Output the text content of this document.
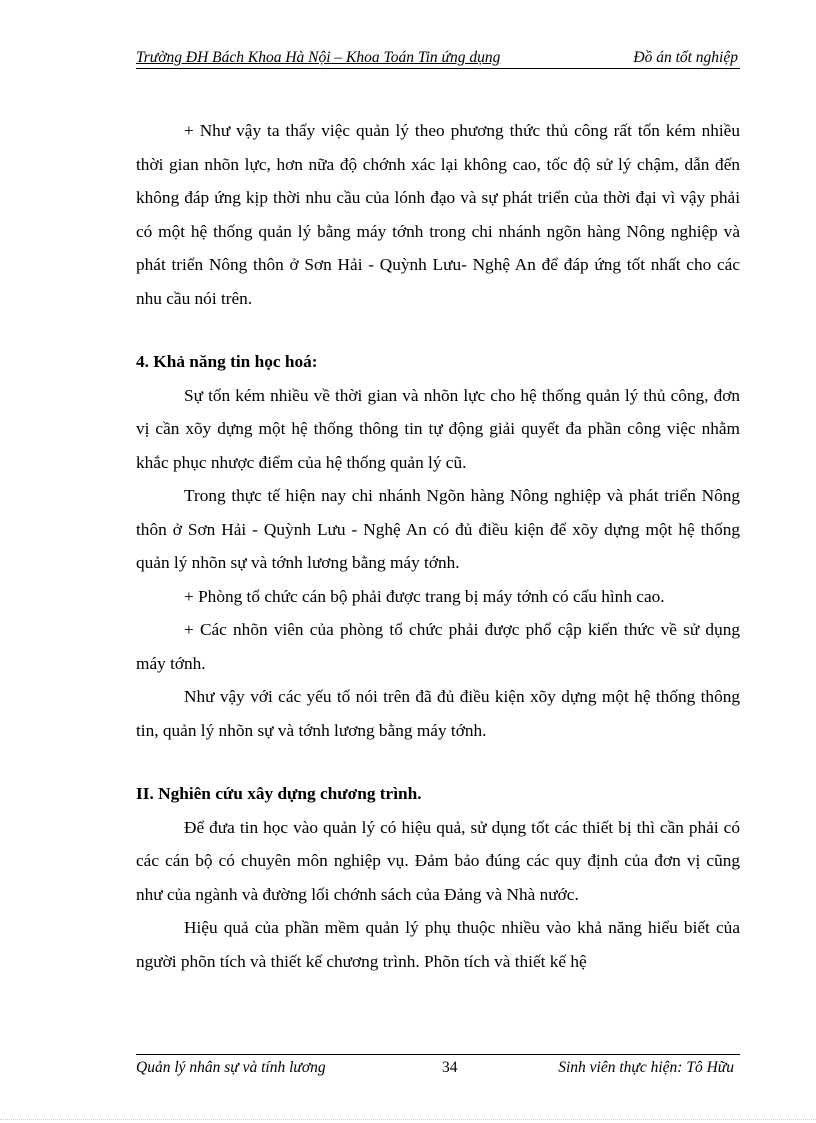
Trường ĐH Bách Khoa Hà Nội – Khoa Toán Tin ứng dụng	Đồ án tốt nghiệp

+ Như vậy ta thấy việc quản lý theo phương thức thủ công rất tốn kém nhiều thời gian nhõn lực, hơn nữa độ chớnh xác lại không cao, tốc độ sử lý chậm, dẫn đến không đáp ứng kịp thời nhu cầu của lónh đạo và sự phát triển của thời đại vì vậy phải có một hệ thống quản lý bằng máy tớnh trong chi nhánh ngõn hàng Nông nghiệp và phát triển Nông thôn ở Sơn Hải - Quỳnh Lưu- Nghệ An để đáp ứng tốt nhất cho các nhu cầu nói trên.

4. Khả năng tin học hoá:

Sự tốn kém nhiều về thời gian và nhõn lực cho hệ thống quản lý thủ công, đơn vị cần xõy dựng một hệ thống thông tin tự động giải quyết đa phần công việc nhằm khắc phục nhược điểm của hệ thống quản lý cũ.

Trong thực tế hiện nay chi nhánh Ngõn hàng Nông nghiệp và phát triển Nông thôn ở Sơn Hải - Quỳnh Lưu - Nghệ An có đủ điều kiện để xõy dựng một hệ thống quản lý nhõn sự và tớnh lương bằng máy tớnh.

+ Phòng tổ chức cán bộ phải được trang bị máy tớnh có cấu hình cao.

+ Các nhõn viên của phòng tổ chức phải được phổ cập kiến thức về sử dụng máy tớnh.

Như vậy với các yếu tố nói trên đã đủ điều kiện xõy dựng một hệ thống thông tin, quản lý nhõn sự và tớnh lương bằng máy tớnh.

II. Nghiên cứu xây dựng chương trình.

Để đưa tin học vào quản lý có hiệu quả, sử dụng tốt các thiết bị thì cần phải có các cán bộ có chuyên môn nghiệp vụ. Đảm bảo đúng các quy định của đơn vị cũng như của ngành và đường lối chớnh sách của Đảng và Nhà nước.

Hiệu quả của phần mềm quản lý phụ thuộc nhiều vào khả năng hiểu biết của người phõn tích và thiết kế chương trình. Phõn tích và thiết kế hệ

Quản lý nhân sự và tính lương	34	Sinh viên thực hiện: Tô Hữu
